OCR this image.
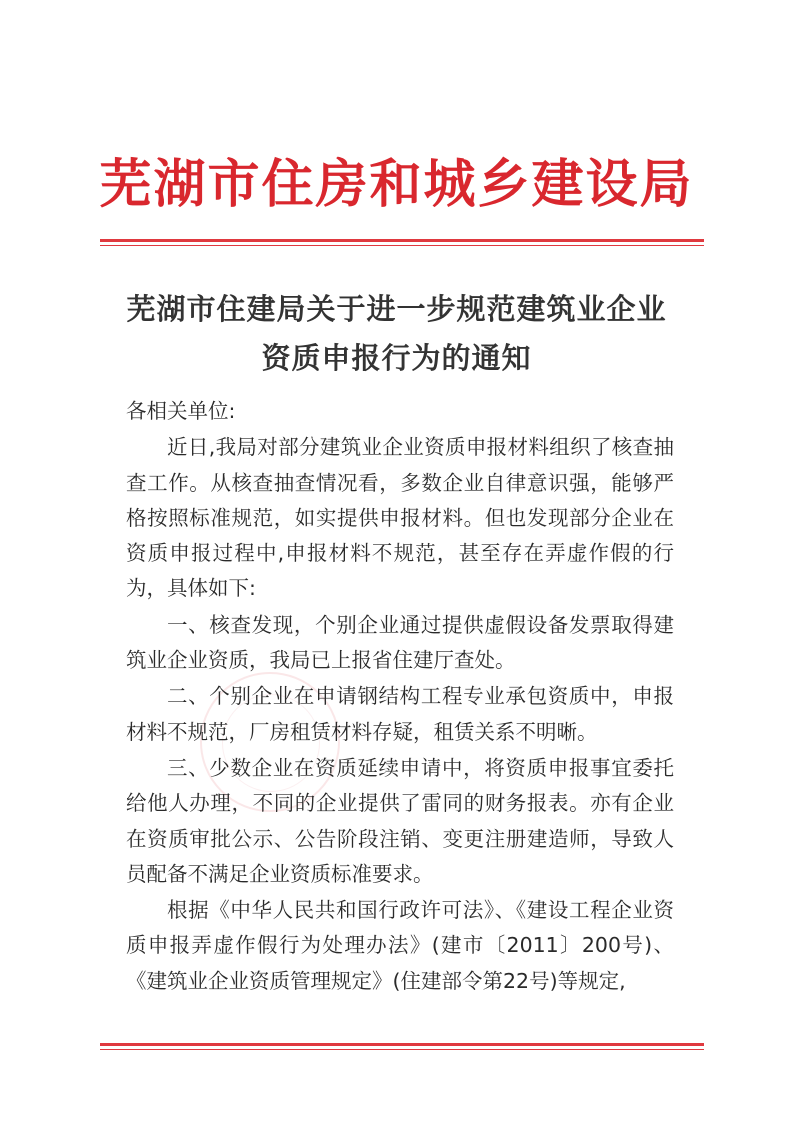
芜湖市住房和城乡建设局
芜湖市住建局关于进一步规范建筑业企业
资质申报行为的通知

各相关单位:

近日,我局对部分建筑业企业资质申报材料组织了核查抽查工作。从核查抽查情况看，多数企业自律意识强，能够严格按照标准规范，如实提供申报材料。但也发现部分企业在资质申报过程中,申报材料不规范，甚至存在弄虚作假的行为，具体如下:

一、核查发现，个别企业通过提供虚假设备发票取得建筑业企业资质，我局已上报省住建厅查处。

二、个别企业在申请钢结构工程专业承包资质中，申报材料不规范，厂房租赁材料存疑，租赁关系不明晰。

三、少数企业在资质延续申请中，将资质申报事宜委托给他人办理，不同的企业提供了雷同的财务报表。亦有企业在资质审批公示、公告阶段注销、变更注册建造师，导致人员配备不满足企业资质标准要求。

根据《中华人民共和国行政许可法》、《建设工程企业资质申报弄虚作假行为处理办法》(建市〔2011〕200号)、《建筑业企业资质管理规定》(住建部令第22号)等规定,
